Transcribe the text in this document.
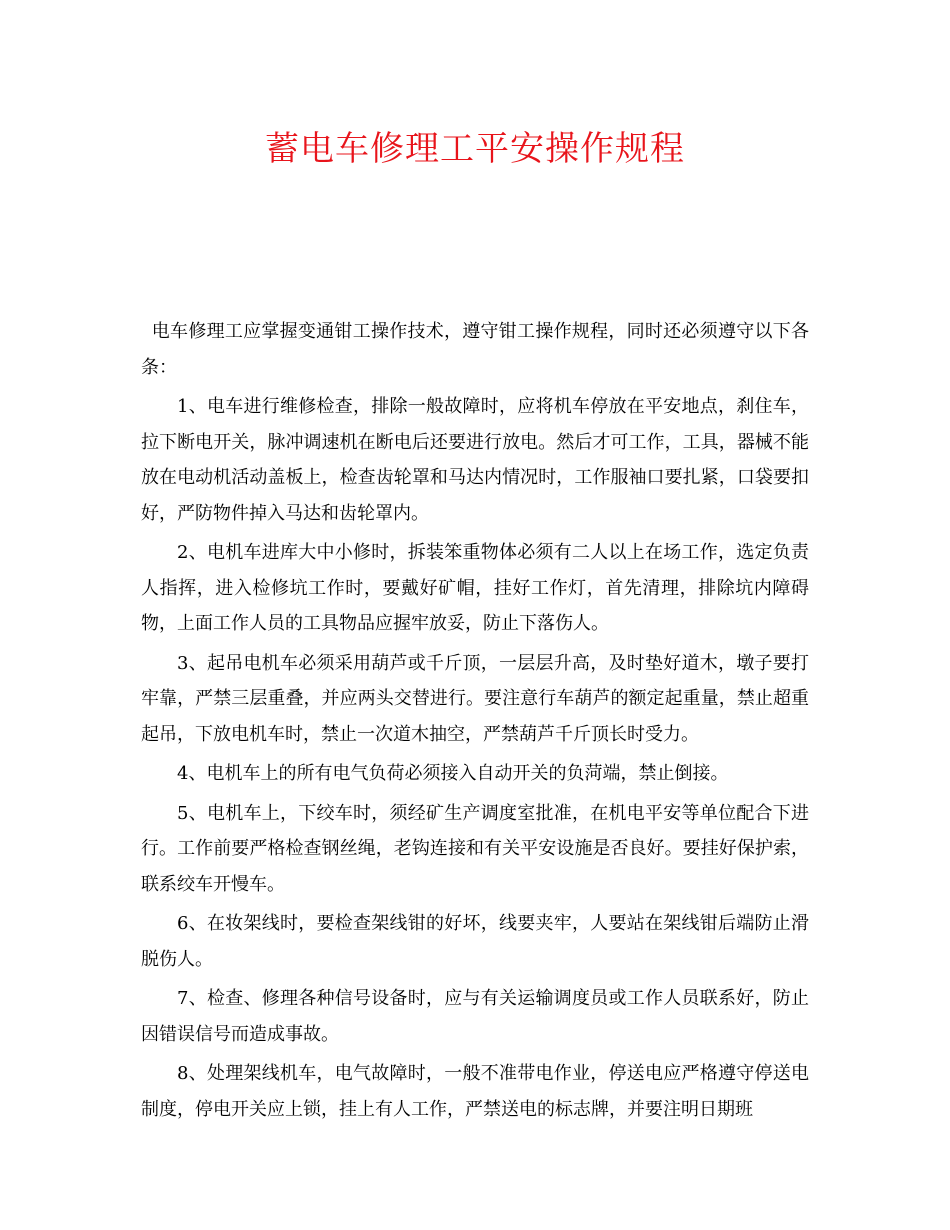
蓄电车修理工平安操作规程

电车修理工应掌握变通钳工操作技术，遵守钳工操作规程，同时还必须遵守以下各条：

1、电车进行维修检查，排除一般故障时，应将机车停放在平安地点，刹住车，拉下断电开关，脉冲调速机在断电后还要进行放电。然后才可工作，工具，器械不能放在电动机活动盖板上，检查齿轮罩和马达内情况时，工作服袖口要扎紧，口袋要扣好，严防物件掉入马达和齿轮罩内。

2、电机车进库大中小修时，拆装笨重物体必须有二人以上在场工作，选定负责人指挥，进入检修坑工作时，要戴好矿帽，挂好工作灯，首先清理，排除坑内障碍物，上面工作人员的工具物品应握牢放妥，防止下落伤人。

3、起吊电机车必须采用葫芦或千斤顶，一层层升高，及时垫好道木，墩子要打牢靠，严禁三层重叠，并应两头交替进行。要注意行车葫芦的额定起重量，禁止超重起吊，下放电机车时，禁止一次道木抽空，严禁葫芦千斤顶长时受力。

4、电机车上的所有电气负荷必须接入自动开关的负菏端，禁止倒接。

5、电机车上，下绞车时，须经矿生产调度室批准，在机电平安等单位配合下进行。工作前要严格检查钢丝绳，老钩连接和有关平安设施是否良好。要挂好保护索，联系绞车开慢车。

6、在妆架线时，要检查架线钳的好坏，线要夹牢，人要站在架线钳后端防止滑脱伤人。

7、检查、修理各种信号设备时，应与有关运输调度员或工作人员联系好，防止因错误信号而造成事故。

8、处理架线机车，电气故障时，一般不准带电作业，停送电应严格遵守停送电制度，停电开关应上锁，挂上有人工作，严禁送电的标志牌，并要注明日期班
